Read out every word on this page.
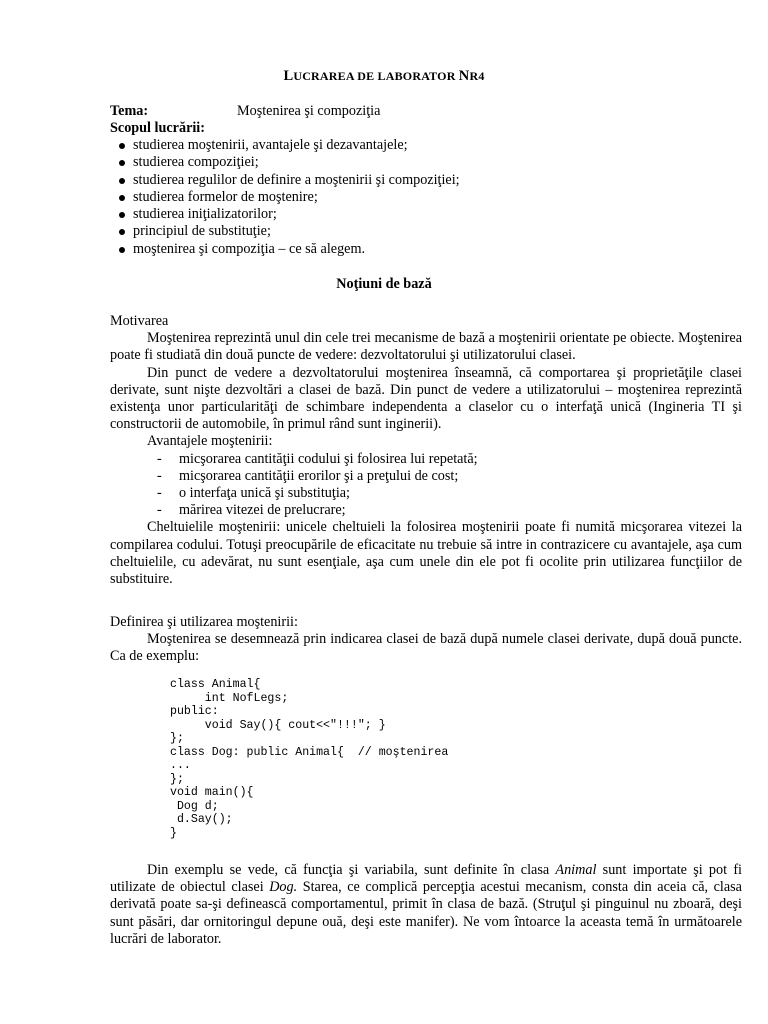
LUCRAREA DE LABORATOR NR4
Tema:	Moştenirea şi compoziţia
Scopul lucrării:
studierea moştenirii, avantajele şi dezavantajele;
studierea compoziţiei;
studierea regulilor de definire a moştenirii şi compoziţiei;
studierea formelor de moştenire;
studierea iniţializatorilor;
principiul de substituţie;
moştenirea şi compoziţia – ce să alegem.
Noţiuni de bază

Motivarea

Moştenirea reprezintă unul din cele trei mecanisme de bază a moştenirii orientate pe obiecte. Moştenirea poate fi studiată din două puncte de vedere: dezvoltatorului şi utilizatorului clasei.

Din punct de vedere a dezvoltatorului moştenirea înseamnă, că comportarea şi proprietăţile clasei derivate, sunt nişte dezvoltări a clasei de bază. Din punct de vedere a utilizatorului – moştenirea reprezintă existenţa unor particularităţi de schimbare independenta a claselor cu o interfaţă unică (Ingineria TI şi constructorii de automobile, în primul rând sunt inginerii).

Avantajele moştenirii:

- micşorarea cantităţii codului şi folosirea lui repetată;
- micşorarea cantităţii erorilor şi a preţului de cost;
- o interfaţa unică şi substituţia;
- mărirea vitezei de prelucrare;

Cheltuielile moştenirii: unicele cheltuieli la folosirea moştenirii poate fi numită micşorarea vitezei la compilarea codului. Totuşi preocupările de eficacitate nu trebuie să intre in contrazicere cu avantajele, aşa cum cheltuielile, cu adevărat, nu sunt esenţiale, aşa cum unele din ele pot fi ocolite prin utilizarea funcţiilor de substituire.

Definirea şi utilizarea moştenirii:

Moştenirea se desemnează prin indicarea clasei de bază după numele clasei derivate, după două puncte. Ca de exemplu:

class Animal{
int NofLegs;
public:
void Say(){ cout<<"!!!"; }
};
class Dog: public Animal{  // moştenirea
...
};
void main(){
Dog d;
d.Say();
}

Din exemplu se vede, că funcţia şi variabila, sunt definite în clasa Animal sunt importate şi pot fi utilizate de obiectul clasei Dog. Starea, ce complică percepţia acestui mecanism, consta din aceia că, clasa derivată poate sa-şi definească comportamentul, primit în clasa de bază. (Struţul şi pinguinul nu zboară, deşi sunt păsări, dar ornitoringul depune ouă, deşi este manifer). Ne vom întoarce la aceasta temă în următoarele lucrări de laborator.
